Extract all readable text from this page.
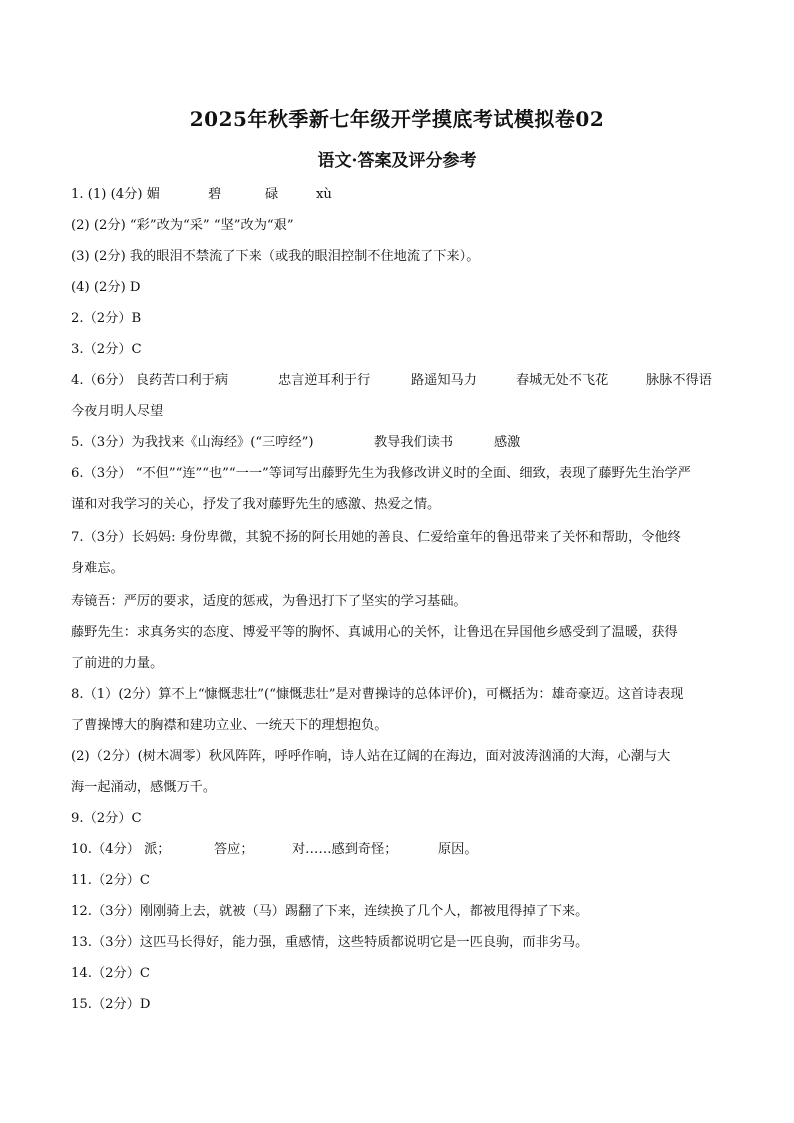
2025年秋季新七年级开学摸底考试模拟卷02
语文·答案及评分参考
1. (1) (4分) 媚	碧	碌	xù
(2) (2分) “彩”改为“采” “坚”改为“艰”
(3) (2分) 我的眼泪不禁流了下来（或我的眼泪控制不住地流了下来）。
(4) (2分) D
2.（2分）B
3.（2分）C
4.（6分） 良药苦口利于病	忠言逆耳利于行	路遥知马力	春城无处不飞花	脉脉不得语
今夜月明人尽望
5.（3分）为我找来《山海经》(“三哼经”)	教导我们读书	感激
6.（3分） “不但”“连”“也”“一一”等词写出藤野先生为我修改讲义时的全面、细致，表现了藤野先生治学严
谨和对我学习的关心，抒发了我对藤野先生的感激、热爱之情。
7.（3分）长妈妈: 身份卑微，其貌不扬的阿长用她的善良、仁爱给童年的鲁迅带来了关怀和帮助，令他终
身难忘。
寿镜吾：严厉的要求，适度的惩戒，为鲁迅打下了坚实的学习基础。
藤野先生：求真务实的态度、博爱平等的胸怀、真诚用心的关怀，让鲁迅在异国他乡感受到了温暖，获得
了前进的力量。
8.（1）(2分）算不上“慷慨悲壮”(“慷慨悲壮”是对曹操诗的总体评价)，可概括为：雄奇豪迈。这首诗表现
了曹操博大的胸襟和建功立业、一统天下的理想抱负。
(2)（2分）(树木凋零）秋风阵阵，呼呼作响，诗人站在辽阔的在海边，面对波涛汹涌的大海，心潮与大
海一起涌动，感慨万千。
9.（2分）C
10.（4分） 派；	答应；	对……感到奇怪；	原因。
11.（2分）C
12.（3分）刚刚骑上去，就被（马）踢翻了下来，连续换了几个人，都被甩得掉了下来。
13.（3分）这匹马长得好，能力强，重感情，这些特质都说明它是一匹良驹，而非劣马。
14.（2分）C
15.（2分）D
